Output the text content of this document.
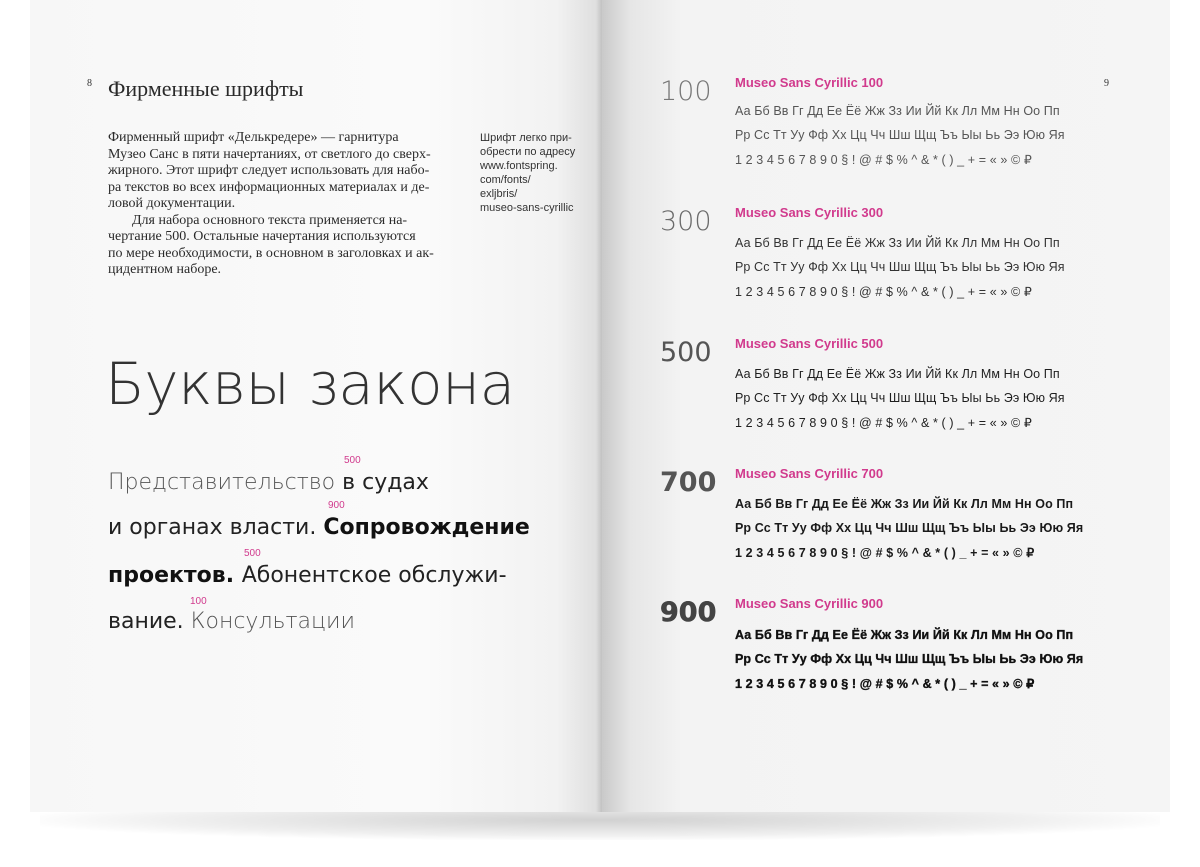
8 Фирменные шрифты

Фирменный шрифт «Делькредере» — гарнитура

Музео Санс в пяти начертаниях, от светлого до сверх-

жирного. Этот шрифт следует использовать для набо-

ра текстов во всех информационных материалах и де-

ловой документации.

Для набора основного текста применяется на-

чертание 500. Остальные начертания используются

по мере необходимости, в основном в заголовках и ак-

цидентном наборе.

Шрифт легко при-
обрести по адресу
www.fontspring.
com/fonts/
exljbris/
museo-sans-cyrillic
Буквы закона
500
Представительство в судах
900
и органах власти. Сопровождение
500
проектов. Абонентское обслужи-
100
вание. Консультации
9
100 Museo Sans Cyrillic 100
Аа Бб Вв Гг Дд Ее Ёё Жж Зз Ии Йй Кк Лл Мм Нн Оо Пп
Рр Сс Тт Уу Фф Хх Цц Чч Шш Щщ Ъъ Ыы Ьь Ээ Юю Яя
1 2 3 4 5 6 7 8 9 0 § ! @ # $ % ^ & * ( ) _ + = « » © ₽
300 Museo Sans Cyrillic 300
Аа Бб Вв Гг Дд Ее Ёё Жж Зз Ии Йй Кк Лл Мм Нн Оо Пп
Рр Сс Тт Уу Фф Хх Цц Чч Шш Щщ Ъъ Ыы Ьь Ээ Юю Яя
1 2 3 4 5 6 7 8 9 0 § ! @ # $ % ^ & * ( ) _ + = « » © ₽
500 Museo Sans Cyrillic 500
Аа Бб Вв Гг Дд Ее Ёё Жж Зз Ии Йй Кк Лл Мм Нн Оо Пп
Рр Сс Тт Уу Фф Хх Цц Чч Шш Щщ Ъъ Ыы Ьь Ээ Юю Яя
1 2 3 4 5 6 7 8 9 0 § ! @ # $ % ^ & * ( ) _ + = « » © ₽
700 Museo Sans Cyrillic 700
Аа Бб Вв Гг Дд Ее Ёё Жж Зз Ии Йй Кк Лл Мм Нн Оо Пп
Рр Сс Тт Уу Фф Хх Цц Чч Шш Щщ Ъъ Ыы Ьь Ээ Юю Яя
1 2 3 4 5 6 7 8 9 0 § ! @ # $ % ^ & * ( ) _ + = « » © ₽
900 Museo Sans Cyrillic 900
Аа Бб Вв Гг Дд Ее Ёё Жж Зз Ии Йй Кк Лл Мм Нн Оо Пп
Рр Сс Тт Уу Фф Хх Цц Чч Шш Щщ Ъъ Ыы Ьь Ээ Юю Яя
1 2 3 4 5 6 7 8 9 0 § ! @ # $ % ^ & * ( ) _ + = « » © ₽
